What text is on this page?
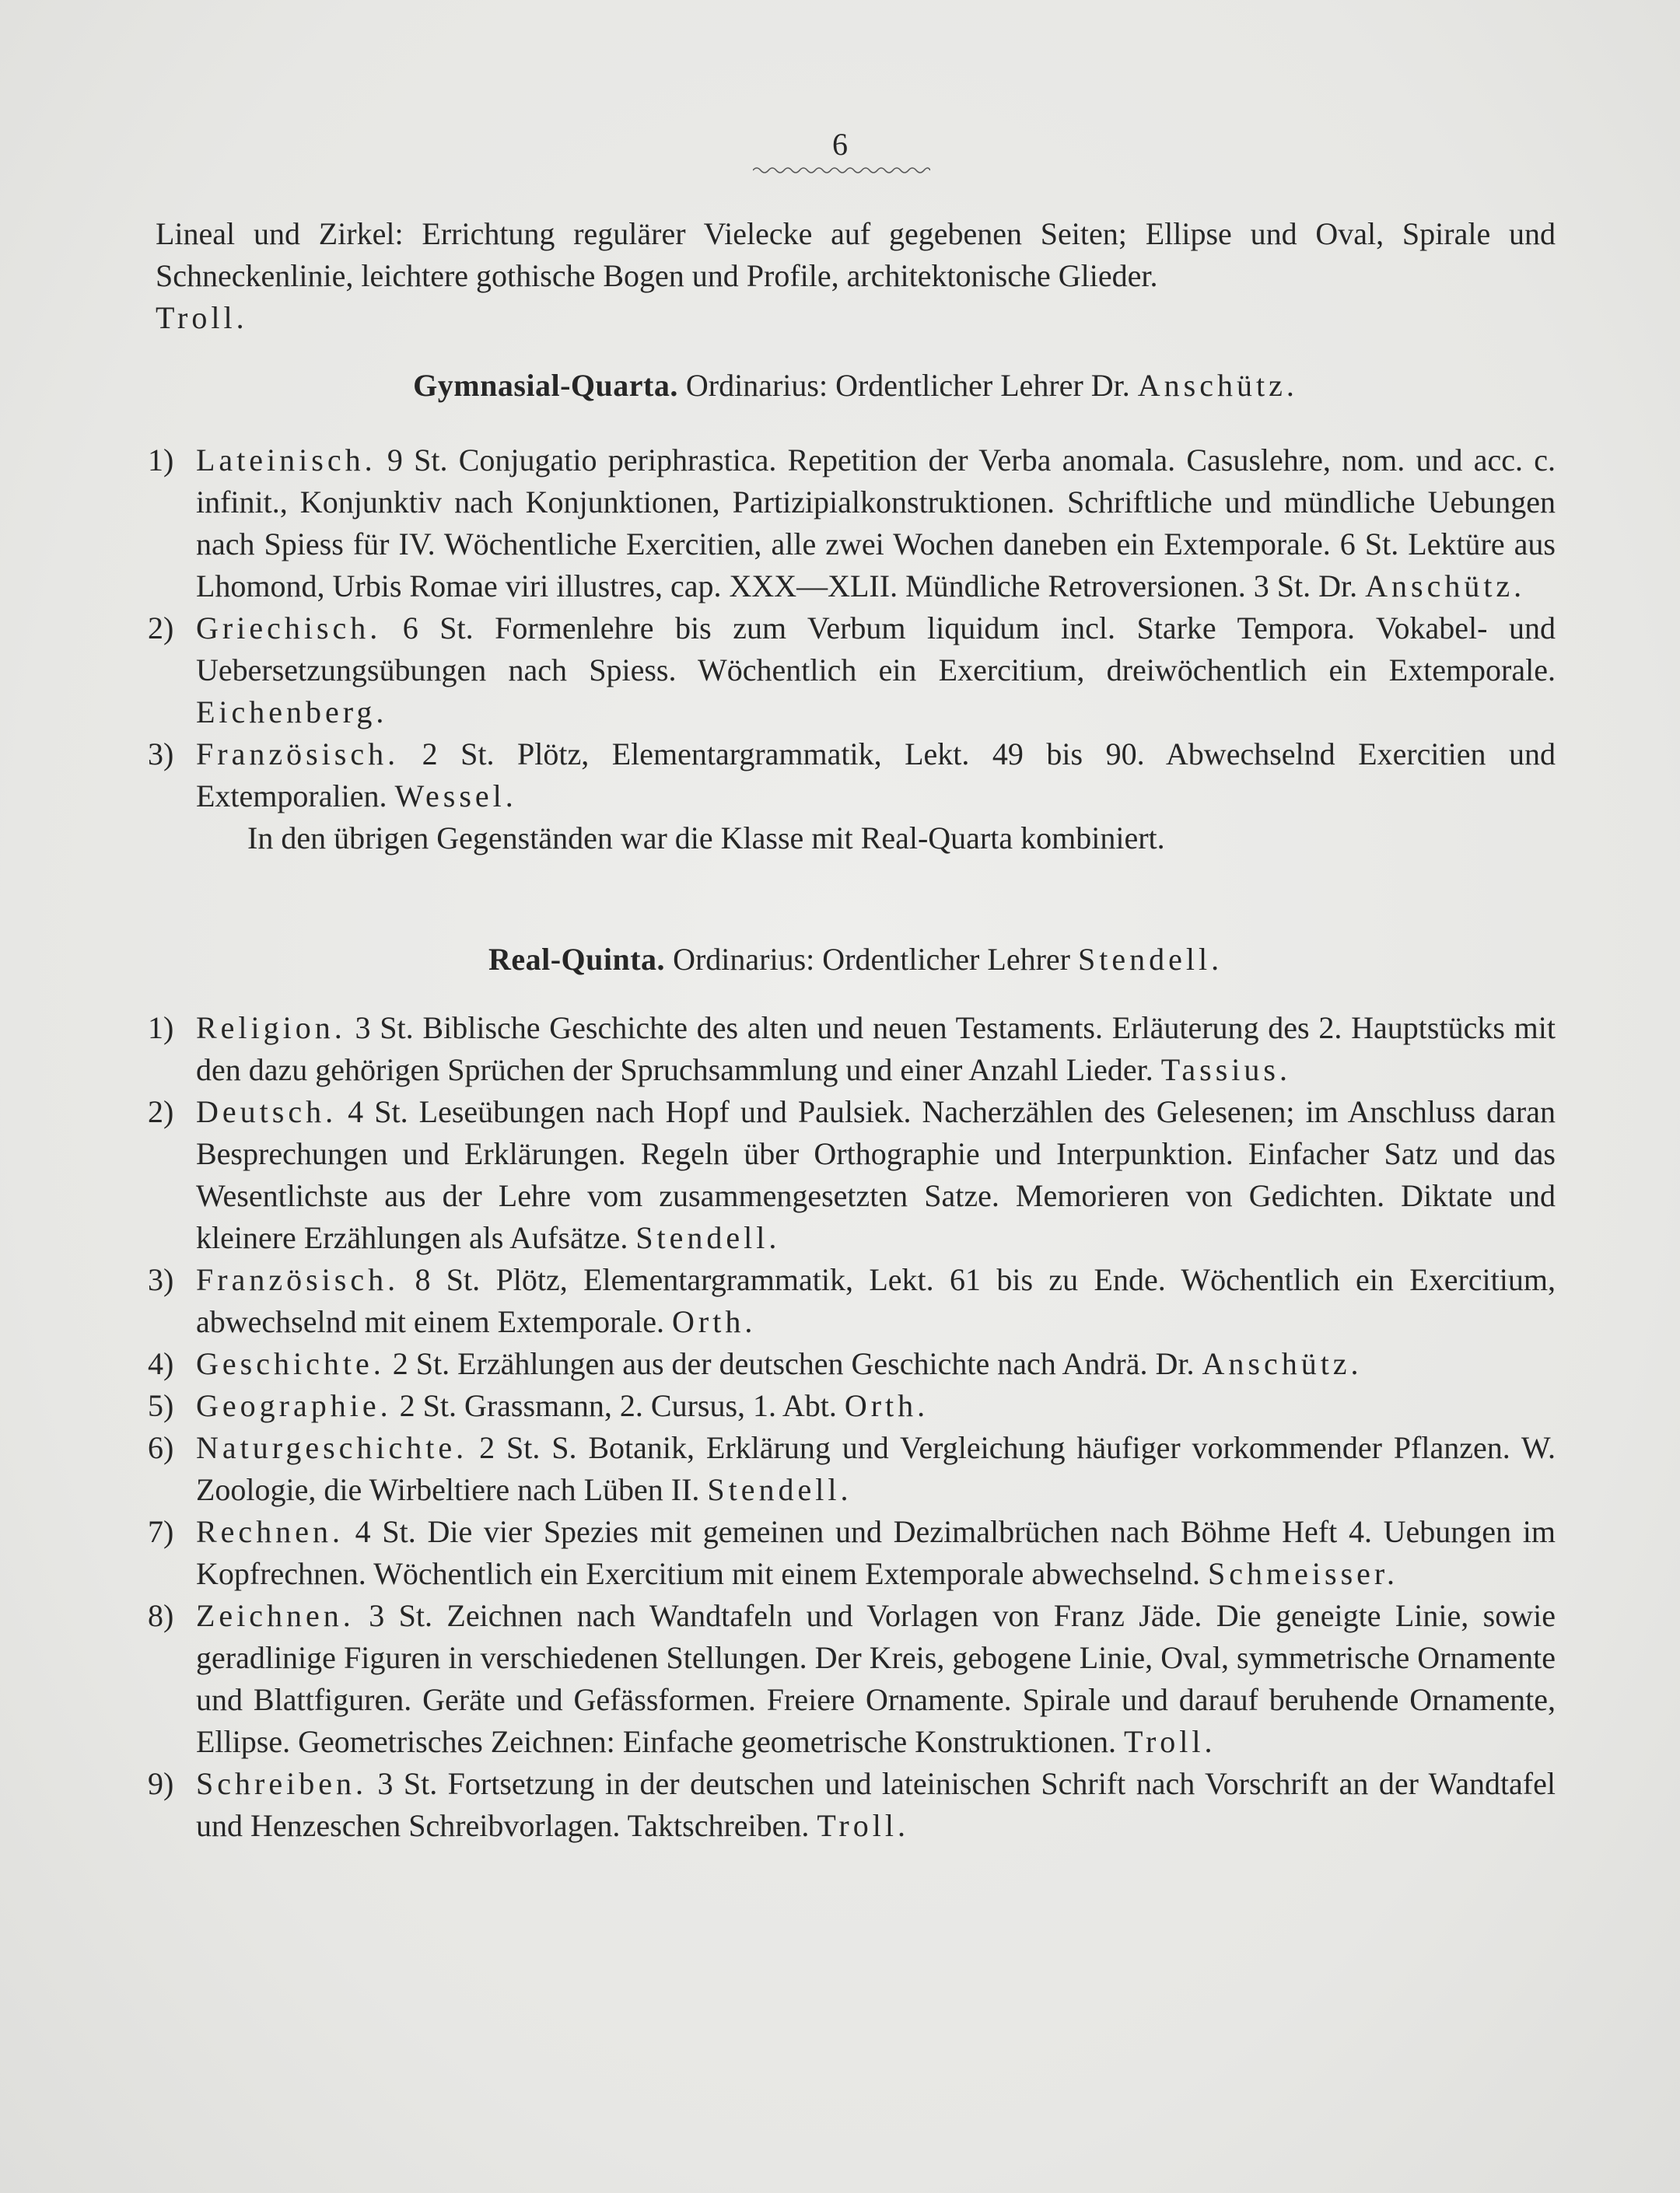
6

Lineal und Zirkel: Errichtung regulärer Vielecke auf gegebenen Seiten; Ellipse und Oval, Spirale und Schneckenlinie, leichtere gothische Bogen und Profile, architektonische Glieder.
Troll.

Gymnasial-Quarta. Ordinarius: Ordentlicher Lehrer Dr. Anschütz.

1) Lateinisch. 9 St. Conjugatio periphrastica. Repetition der Verba anomala. Casuslehre, nom. und acc. c. infinit., Konjunktiv nach Konjunktionen, Partizipialkonstruktionen. Schriftliche und mündliche Uebungen nach Spiess für IV. Wöchentliche Exercitien, alle zwei Wochen daneben ein Extemporale. 6 St. Lektüre aus Lhomond, Urbis Romae viri illustres, cap. XXX—XLII. Mündliche Retroversionen. 3 St. Dr. Anschütz.

2) Griechisch. 6 St. Formenlehre bis zum Verbum liquidum incl. Starke Tempora. Vokabel- und Uebersetzungsübungen nach Spiess. Wöchentlich ein Exercitium, dreiwöchentlich ein Extemporale. Eichenberg.

3) Französisch. 2 St. Plötz, Elementargrammatik, Lekt. 49 bis 90. Abwechselnd Exercitien und Extemporalien. Wessel.

In den übrigen Gegenständen war die Klasse mit Real-Quarta kombiniert.

Real-Quinta. Ordinarius: Ordentlicher Lehrer Stendell.

1) Religion. 3 St. Biblische Geschichte des alten und neuen Testaments. Erläuterung des 2. Hauptstücks mit den dazu gehörigen Sprüchen der Spruchsammlung und einer Anzahl Lieder. Tassius.

2) Deutsch. 4 St. Leseübungen nach Hopf und Paulsiek. Nacherzählen des Gelesenen; im Anschluss daran Besprechungen und Erklärungen. Regeln über Orthographie und Interpunktion. Einfacher Satz und das Wesentlichste aus der Lehre vom zusammengesetzten Satze. Memorieren von Gedichten. Diktate und kleinere Erzählungen als Aufsätze. Stendell.

3) Französisch. 8 St. Plötz, Elementargrammatik, Lekt. 61 bis zu Ende. Wöchentlich ein Exercitium, abwechselnd mit einem Extemporale. Orth.

4) Geschichte. 2 St. Erzählungen aus der deutschen Geschichte nach Andrä. Dr. Anschütz.

5) Geographie. 2 St. Grassmann, 2. Cursus, 1. Abt. Orth.

6) Naturgeschichte. 2 St. S. Botanik, Erklärung und Vergleichung häufiger vorkommender Pflanzen. W. Zoologie, die Wirbeltiere nach Lüben II. Stendell.

7) Rechnen. 4 St. Die vier Spezies mit gemeinen und Dezimalbrüchen nach Böhme Heft 4. Uebungen im Kopfrechnen. Wöchentlich ein Exercitium mit einem Extemporale abwechselnd. Schmeisser.

8) Zeichnen. 3 St. Zeichnen nach Wandtafeln und Vorlagen von Franz Jäde. Die geneigte Linie, sowie geradlinige Figuren in verschiedenen Stellungen. Der Kreis, gebogene Linie, Oval, symmetrische Ornamente und Blattfiguren. Geräte und Gefässformen. Freiere Ornamente. Spirale und darauf beruhende Ornamente, Ellipse. Geometrisches Zeichnen: Einfache geometrische Konstruktionen. Troll.

9) Schreiben. 3 St. Fortsetzung in der deutschen und lateinischen Schrift nach Vorschrift an der Wandtafel und Henzeschen Schreibvorlagen. Taktschreiben. Troll.
